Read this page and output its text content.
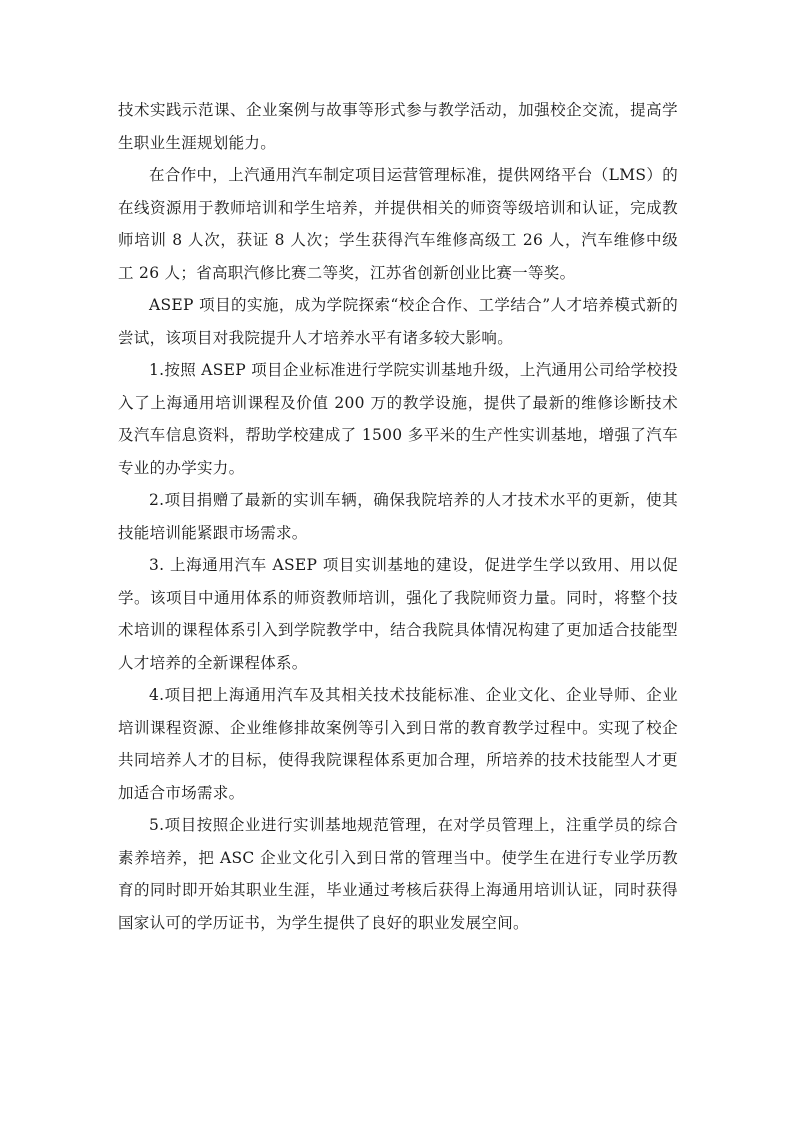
技术实践示范课、企业案例与故事等形式参与教学活动，加强校企交流，提高学生职业生涯规划能力。

在合作中，上汽通用汽车制定项目运营管理标准，提供网络平台（LMS）的在线资源用于教师培训和学生培养，并提供相关的师资等级培训和认证，完成教师培训 8 人次，获证 8 人次；学生获得汽车维修高级工 26 人，汽车维修中级工 26 人；省高职汽修比赛二等奖，江苏省创新创业比赛一等奖。

ASEP 项目的实施，成为学院探索“校企合作、工学结合”人才培养模式新的尝试，该项目对我院提升人才培养水平有诸多较大影响。

1.按照 ASEP 项目企业标准进行学院实训基地升级，上汽通用公司给学校投入了上海通用培训课程及价值 200 万的教学设施，提供了最新的维修诊断技术及汽车信息资料，帮助学校建成了 1500 多平米的生产性实训基地，增强了汽车专业的办学实力。

2.项目捐赠了最新的实训车辆，确保我院培养的人才技术水平的更新，使其技能培训能紧跟市场需求。

3. 上海通用汽车 ASEP 项目实训基地的建设，促进学生学以致用、用以促学。该项目中通用体系的师资教师培训，强化了我院师资力量。同时，将整个技术培训的课程体系引入到学院教学中，结合我院具体情况构建了更加适合技能型人才培养的全新课程体系。

4.项目把上海通用汽车及其相关技术技能标准、企业文化、企业导师、企业培训课程资源、企业维修排故案例等引入到日常的教育教学过程中。实现了校企共同培养人才的目标，使得我院课程体系更加合理，所培养的技术技能型人才更加适合市场需求。

5.项目按照企业进行实训基地规范管理，在对学员管理上，注重学员的综合素养培养，把 ASC 企业文化引入到日常的管理当中。使学生在进行专业学历教育的同时即开始其职业生涯，毕业通过考核后获得上海通用培训认证，同时获得国家认可的学历证书，为学生提供了良好的职业发展空间。
